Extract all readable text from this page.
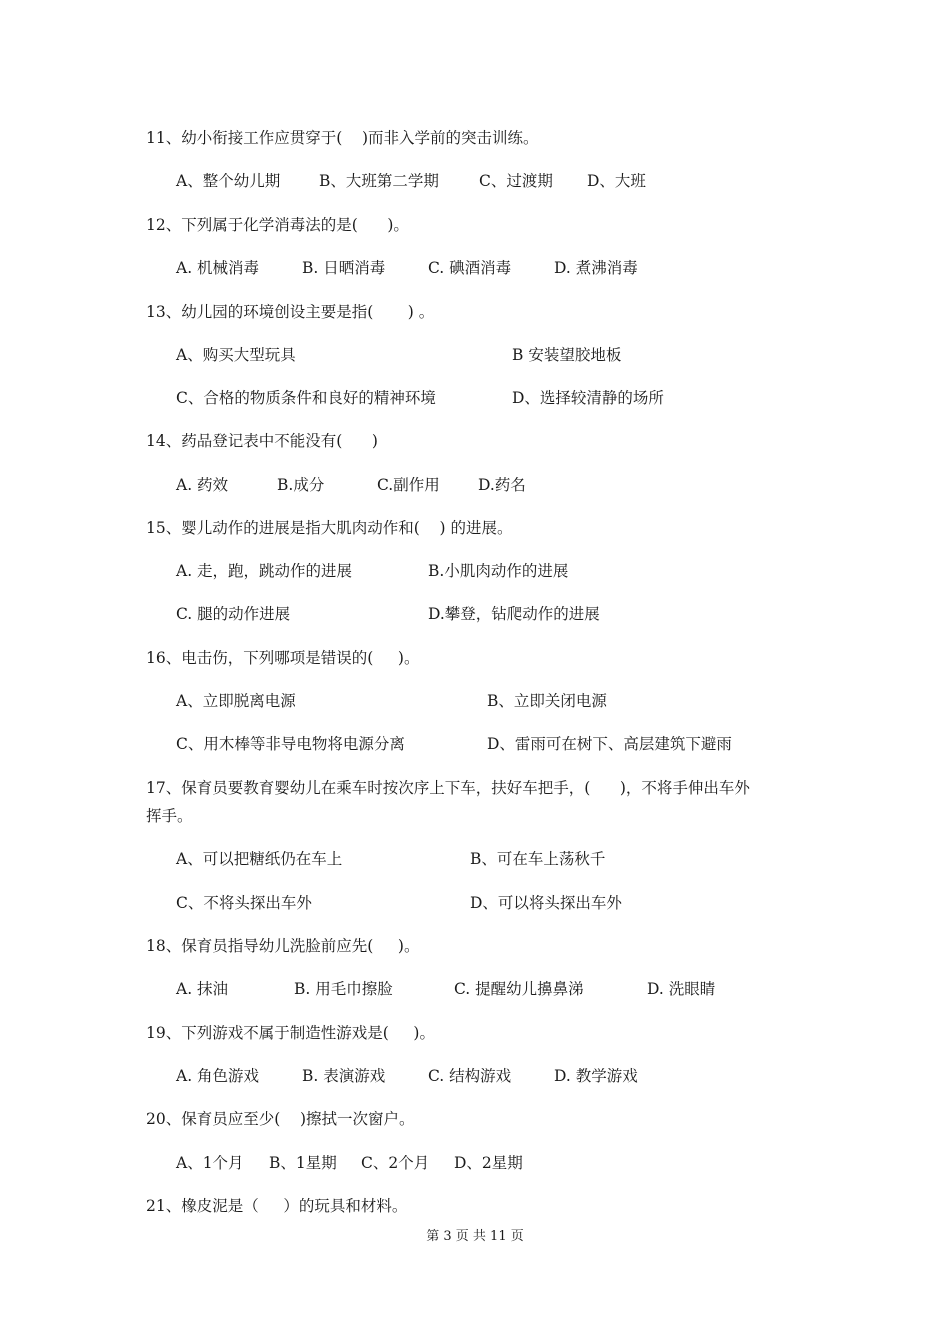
11、幼小衔接工作应贯穿于(    )而非入学前的突击训练。
A、整个幼儿期	B、大班第二学期	C、过渡期 D、大班
12、下列属于化学消毒法的是(      )。
A. 机械消毒	B. 日晒消毒	C. 碘酒消毒	D. 煮沸消毒
13、幼儿园的环境创设主要是指(       ) 。
A、购买大型玩具	B 安装望胶地板
C、合格的物质条件和良好的精神环境	D、选择较清静的场所
14、药品登记表中不能没有(      )
A. 药效	B.成分	C.副作用 D.药名
15、婴儿动作的进展是指大肌肉动作和(    ) 的进展。
A. 走，跑，跳动作的进展	B.小肌肉动作的进展
C. 腿的动作进展	D.攀登，钻爬动作的进展
16、电击伤，下列哪项是错误的(     )。
A、立即脱离电源	B、立即关闭电源
C、用木棒等非导电物将电源分离	D、雷雨可在树下、高层建筑下避雨
17、保育员要教育婴幼儿在乘车时按次序上下车，扶好车把手，(      )，不将手伸出车外
挥手。
A、可以把糖纸仍在车上	B、可在车上荡秋千
C、不将头探出车外	D、可以将头探出车外
18、保育员指导幼儿洗脸前应先(     )。
A. 抹油	B. 用毛巾擦脸	C. 提醒幼儿擤鼻涕	D. 洗眼睛
19、下列游戏不属于制造性游戏是(     )。
A. 角色游戏	B. 表演游戏	C. 结构游戏	D. 教学游戏
20、保育员应至少(    )擦拭一次窗户。
A、1个月 B、1星期 C、2个月 D、2星期
21、橡皮泥是（     ）的玩具和材料。
第 3 页 共 11 页
